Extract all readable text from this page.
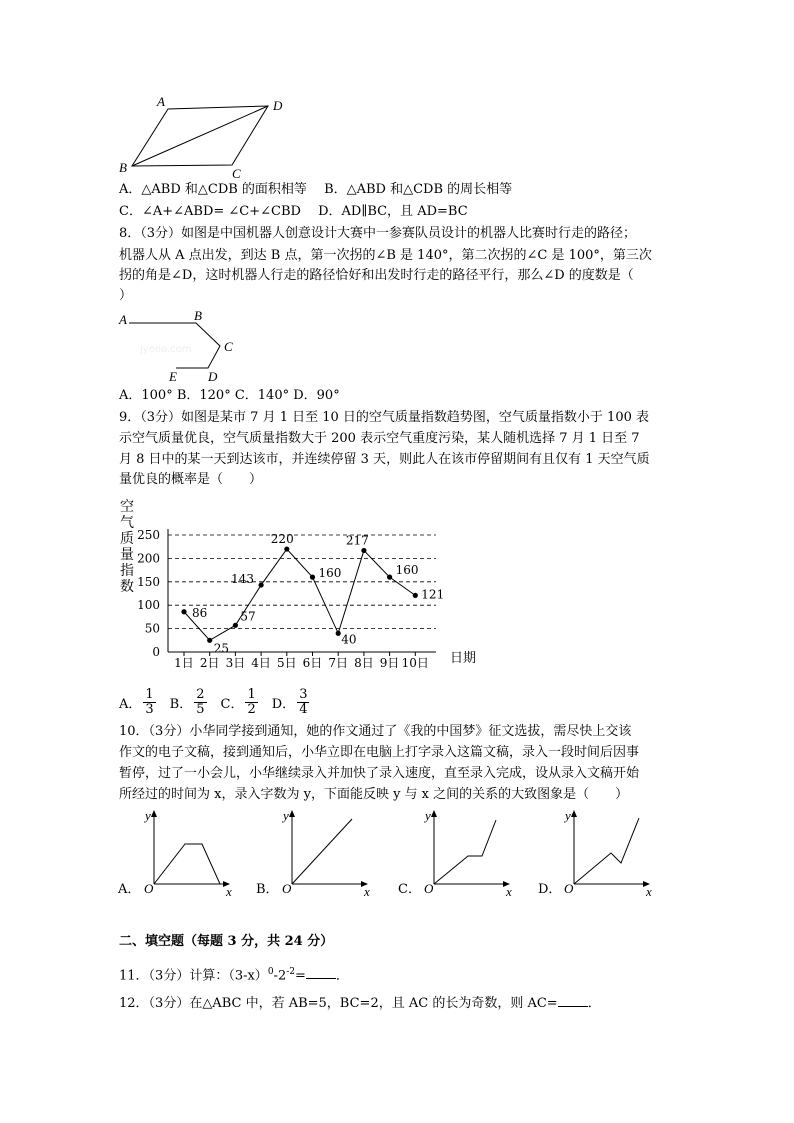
A	D
B	C
A．△ABD 和△CDB 的面积相等　 B．△ABD 和△CDB 的周长相等
C．∠A+∠ABD= ∠C+∠CBD　 D．AD∥BC，且 AD=BC
8．（3分）如图是中国机器人创意设计大赛中一参赛队员设计的机器人比赛时行走的路径；
机器人从 A 点出发，到达 B 点，第一次拐的∠B 是 140°，第二次拐的∠C 是 100°，第三次
拐的角是∠D，这时机器人行走的路径恰好和出发时行走的路径平行，那么∠D 的度数是（
）
jyeoo.com
A	B
C
D
E
A．100° B．120° C．140° D．90°
9．（3分）如图是某市 7 月 1 日至 10 日的空气质量指数趋势图，空气质量指数小于 100 表
示空气质量优良，空气质量指数大于 200 表示空气重度污染，某人随机选择 7 月 1 日至 7
月 8 日中的某一天到达该市，并连续停留 3 天，则此人在该市停留期间有且仅有 1 天空气质
量优良的概率是（　　）
空
气
质
量
指
数
0
50
100
150
200
250
1日 2日 3日 4日 5日 6日 7日 8日 9日 10日 日期
86
25
57
143
220
160
40
217
160
121
A． $\frac{1}{3}$ B． $\frac{2}{5}$ C． $\frac{1}{2}$ D． $\frac{3}{4}$
10．（3分）小华同学接到通知，她的作文通过了《我的中国梦》征文选拔，需尽快上交该
作文的电子文稿，接到通知后，小华立即在电脑上打字录入这篇文稿，录入一段时间后因事
暂停，过了一小会儿，小华继续录入并加快了录入速度，直至录入完成，设从录入文稿开始
所经过的时间为 x，录入字数为 y，下面能反映 y 与 x 之间的关系的大致图象是（　　）
A．
y
x
O	B．
y
x
O	C．
y
x
O	D．
y
x
O
二、填空题（每题 3 分，共 24 分）
11．（3分）计算：$(3-x)^0-2^{-2}=$ ．
12．（3分）在△ABC 中，若 AB=5，BC=2，且 AC 的长为奇数，则 AC= ．
